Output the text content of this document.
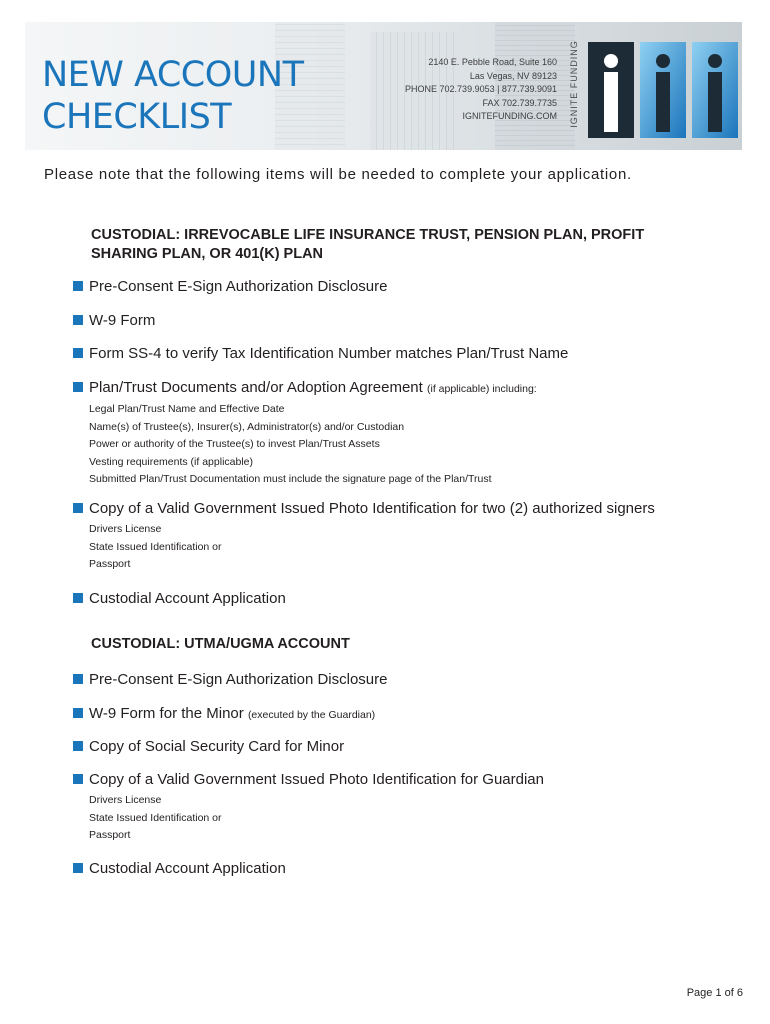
NEW ACCOUNT
CHECKLIST
2140 E. Pebble Road, Suite 160
Las Vegas, NV 89123
PHONE 702.739.9053 | 877.739.9091
FAX 702.739.7735
IGNITEFUNDING.COM IGNITE FUNDING

Please note that the following items will be needed to complete your application.

CUSTODIAL: IRREVOCABLE LIFE INSURANCE TRUST, PENSION PLAN, PROFIT
SHARING PLAN, OR 401(K) PLAN
Pre-Consent E-Sign Authorization Disclosure
W-9 Form
Form SS-4 to verify Tax Identification Number matches Plan/Trust Name
Plan/Trust Documents and/or Adoption Agreement (if applicable) including:
Legal Plan/Trust Name and Effective Date
Name(s) of Trustee(s), Insurer(s), Administrator(s) and/or Custodian
Power or authority of the Trustee(s) to invest Plan/Trust Assets
Vesting requirements (if applicable)
Submitted Plan/Trust Documentation must include the signature page of the Plan/Trust
Copy of a Valid Government Issued Photo Identification for two (2) authorized signers
Drivers License
State Issued Identification or
Passport
Custodial Account Application
CUSTODIAL: UTMA/UGMA ACCOUNT
Pre-Consent E-Sign Authorization Disclosure
W-9 Form for the Minor (executed by the Guardian)
Copy of Social Security Card for Minor
Copy of a Valid Government Issued Photo Identification for Guardian
Drivers License
State Issued Identification or
Passport
Custodial Account Application
Page 1 of 6
